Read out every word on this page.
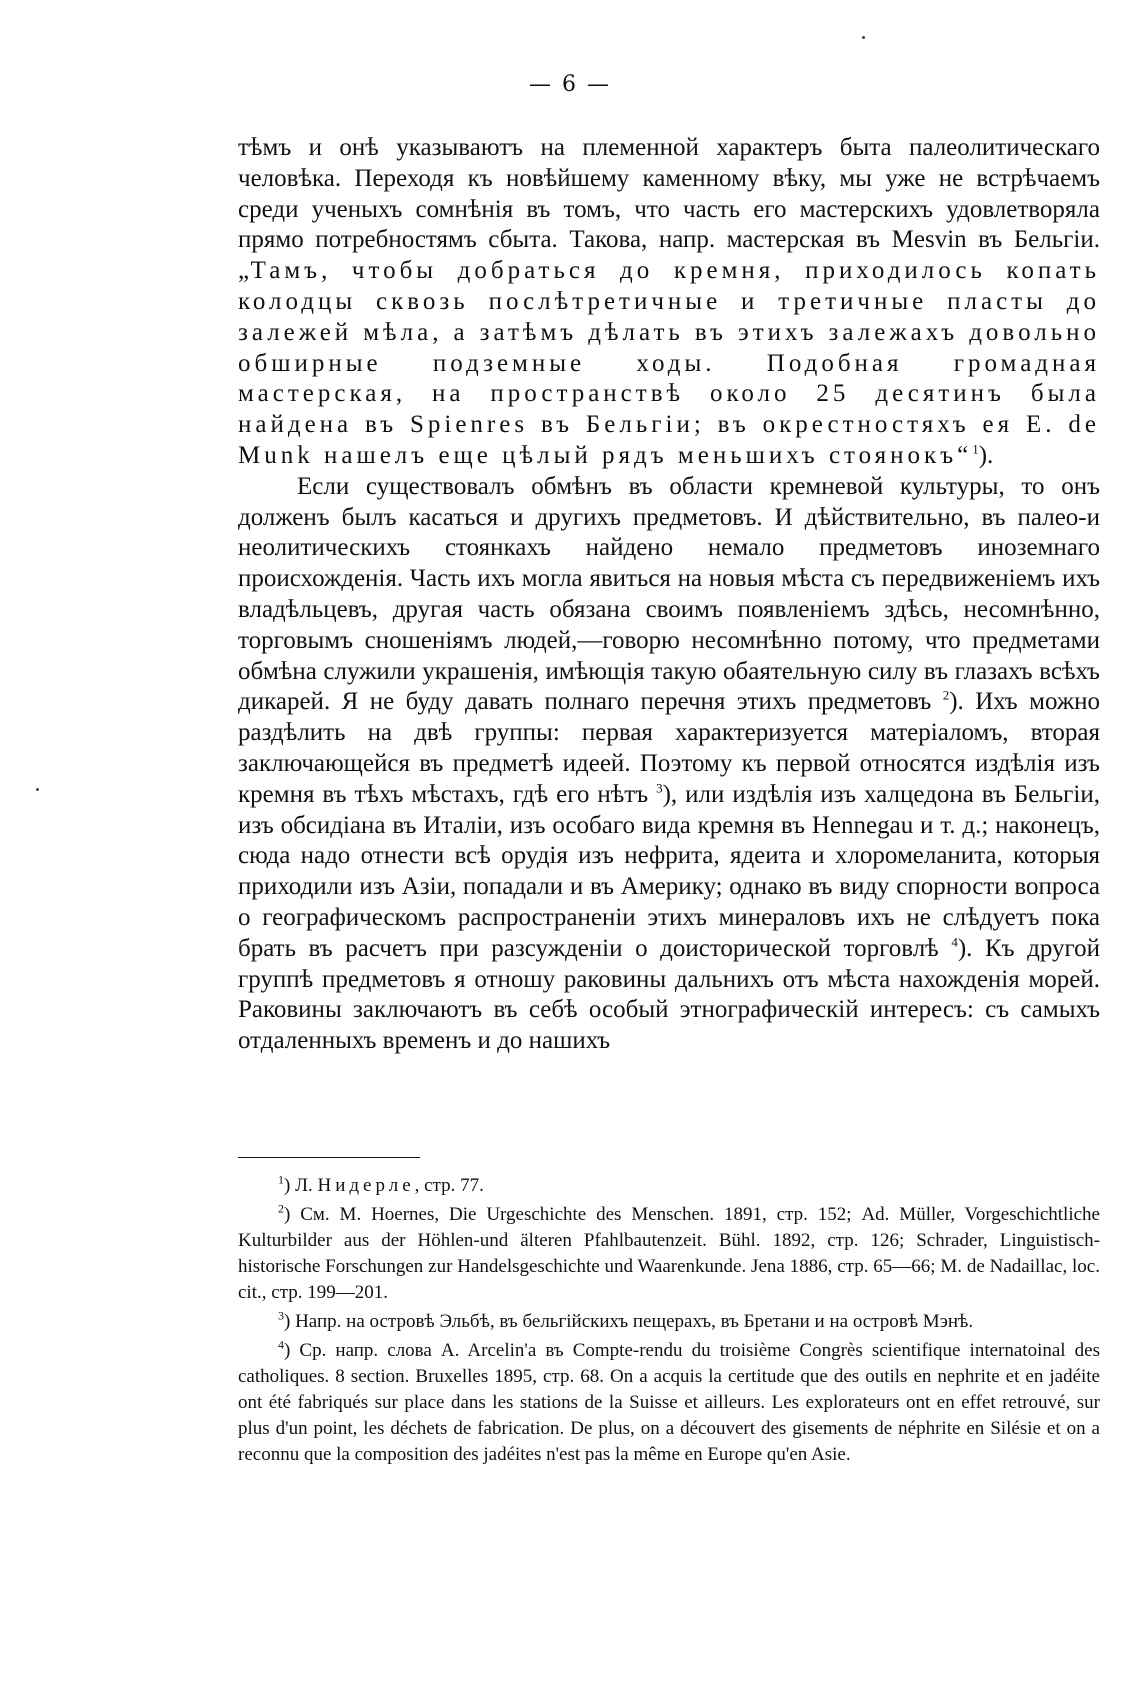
— 6 —

тѣмъ и онѣ указываютъ на племенной характеръ быта палеолитическаго человѣка. Переходя къ новѣйшему каменному вѣку, мы уже не встрѣчаемъ среди ученыхъ сомнѣнія въ томъ, что часть его мастерскихъ удовлетворяла прямо потребностямъ сбыта. Такова, напр. мастерская въ Mesvin въ Бельгіи. „Тамъ, чтобы добраться до кремня, приходилось копать колодцы сквозь послѣтретичные и третичные пласты до залежей мѣла, а затѣмъ дѣлать въ этихъ залежахъ довольно обширные подземные ходы. Подобная громадная мастерская, на пространствѣ около 25 десятинъ была найдена въ Spienres въ Бельгіи; въ окрестностяхъ ея E. de Munk нашелъ еще цѣлый рядъ меньшихъ стоянокъ“$^1$).

Если существовалъ обмѣнъ въ области кремневой культуры, то онъ долженъ былъ касаться и другихъ предметовъ. И дѣйствительно, въ палео-и неолитическихъ стоянкахъ найдено немало предметовъ иноземнаго происхожденія. Часть ихъ могла явиться на новыя мѣста съ передвиженіемъ ихъ владѣльцевъ, другая часть обязана своимъ появленіемъ здѣсь, несомнѣнно, торговымъ сношеніямъ людей,—говорю несомнѣнно потому, что предметами обмѣна служили украшенія, имѣющія такую обаятельную силу въ глазахъ всѣхъ дикарей. Я не буду давать полнаго перечня этихъ предметовъ $^2$). Ихъ можно раздѣлить на двѣ группы: первая характеризуется матеріаломъ, вторая заключающейся въ предметѣ идеей. Поэтому къ первой относятся издѣлія изъ кремня въ тѣхъ мѣстахъ, гдѣ его нѣтъ $^3$), или издѣлія изъ халцедона въ Бельгіи, изъ обсидіана въ Италіи, изъ особаго вида кремня въ Hennegau и т. д.; наконецъ, сюда надо отнести всѣ орудія изъ нефрита, ядеита и хлоромеланита, которыя приходили изъ Азіи, попадали и въ Америку; однако въ виду спорности вопроса о географическомъ распространеніи этихъ минераловъ ихъ не слѣдуетъ пока брать въ расчетъ при разсужденіи о доисторической торговлѣ $^4$). Къ другой группѣ предметовъ я отношу раковины дальнихъ отъ мѣста нахожденія морей. Раковины заключаютъ въ себѣ особый этнографическій интересъ: съ самыхъ отдаленныхъ временъ и до нашихъ

$^1$) Л. Нидерле, стр. 77.

$^2$) См. M. Hoernes, Die Urgeschichte des Menschen. 1891, стр. 152; Ad. Müller, Vorgeschichtliche Kulturbilder aus der Höhlen-und älteren Pfahlbautenzeit. Bühl. 1892, стр. 126; Schrader, Linguistisch-historische Forschungen zur Handelsgeschichte und Waarenkunde. Jena 1886, стр. 65—66; M. de Nadaillac, loc. cit., стр. 199—201.

$^3$) Напр. на островѣ Эльбѣ, въ бельгійскихъ пещерахъ, въ Бретани и на островѣ Мэнѣ.

$^4$) Ср. напр. слова A. Arcelin'a въ Compte-rendu du troisième Congrès scientifique internatoinal des catholiques. 8 section. Bruxelles 1895, стр. 68. On a acquis la certitude que des outils en nephrite et en jadéite ont été fabriqués sur place dans les stations de la Suisse et ailleurs. Les explorateurs ont en effet retrouvé, sur plus d'un point, les déchets de fabrication. De plus, on a découvert des gisements de néphrite en Silésie et on a reconnu que la composition des jadéites n'est pas la même en Europe qu'en Asie.
